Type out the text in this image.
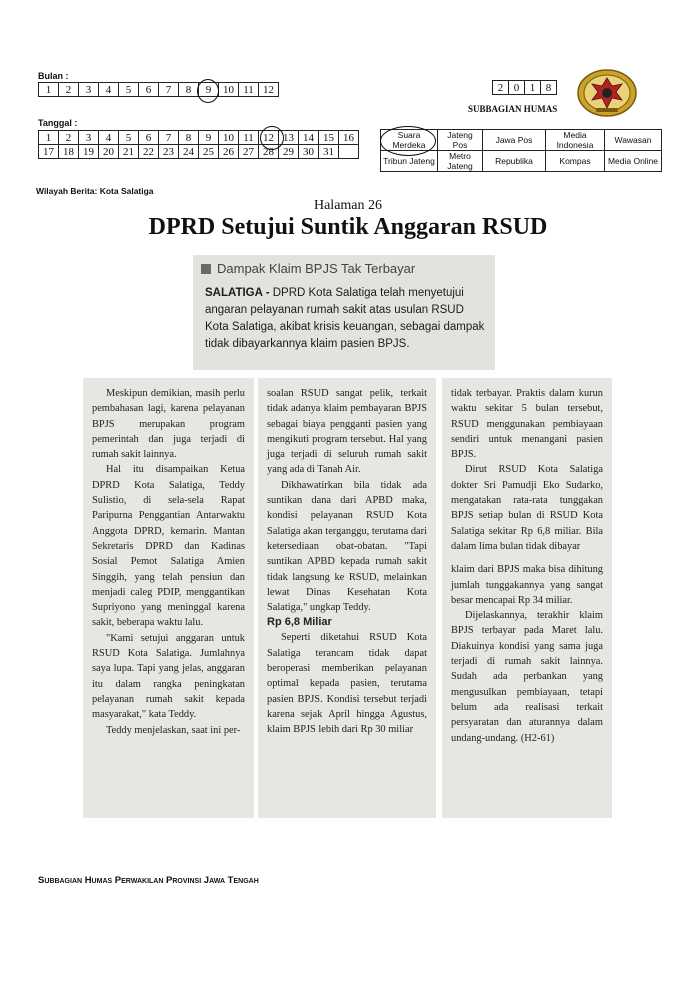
Bulan :
1	2	3	4	5	6	7	8	9	10	11	12
Tanggal :
1	2	3	4	5	6	7	8	9	10	11	12	13	14	15	16
17	18	19	20	21	22	23	24	25	26	27	28	29	30	31	
Wilayah Berita: Kota Salatiga
2	0	1	8
SUBBAGIAN HUMAS
Suara Merdeka	Jateng Pos	Jawa Pos	Media Indonesia	Wawasan
Tribun Jateng	Metro Jateng	Republika	Kompas	Media Online
Halaman 26
DPRD Setujui Suntik Anggaran RSUD
Dampak Klaim BPJS Tak Terbayar
SALATIGA - DPRD Kota Salatiga telah menyetujui angaran pelayanan rumah sakit atas usulan RSUD Kota Salatiga, akibat krisis keuangan, sebagai dampak tidak dibayarkannya klaim pasien BPJS.

Meskipun demikian, masih perlu pembahasan lagi, karena pelayanan BPJS merupakan program pemerintah dan juga terjadi di rumah sakit lainnya.

Hal itu disampaikan Ketua DPRD Kota Salatiga, Teddy Sulistio, di sela-sela Rapat Paripurna Penggantian Antarwaktu Anggota DPRD, kemarin. Mantan Sekretaris DPRD dan Kadinas Sosial Pemot Salatiga Amien Singgih, yang telah pensiun dan menjadi caleg PDIP, menggantikan Supriyono yang meninggal karena sakit, beberapa waktu lalu.

"Kami setujui anggaran untuk RSUD Kota Salatiga. Jumlahnya saya lupa. Tapi yang jelas, anggaran itu dalam rangka peningkatan pelayanan rumah sakit kepada masyarakat," kata Teddy.

Teddy menjelaskan, saat ini per-

soalan RSUD sangat pelik, terkait tidak adanya klaim pembayaran BPJS sebagai biaya pengganti pasien yang mengikuti program tersebut. Hal yang juga terjadi di seluruh rumah sakit yang ada di Tanah Air.

Dikhawatirkan bila tidak ada suntikan dana dari APBD maka, kondisi pelayanan RSUD Kota Salatiga akan terganggu, terutama dari ketersediaan obat-obatan. "Tapi suntikan APBD kepada rumah sakit tidak langsung ke RSUD, melainkan lewat Dinas Kesehatan Kota Salatiga," ungkap Teddy.

Rp 6,8 Miliar

Seperti diketahui RSUD Kota Salatiga terancam tidak dapat beroperasi memberikan pelayanan optimal kepada pasien, terutama pasien BPJS. Kondisi tersebut terjadi karena sejak April hingga Agustus, klaim BPJS lebih dari Rp 30 miliar

tidak terbayar. Praktis dalam kurun waktu sekitar 5 bulan tersebut, RSUD menggunakan pembiayaan sendiri untuk menangani pasien BPJS.

Dirut RSUD Kota Salatiga dokter Sri Pamudji Eko Sudarko, mengatakan rata-rata tunggakan BPJS setiap bulan di RSUD Kota Salatiga sekitar Rp 6,8 miliar. Bila dalam lima bulan tidak dibayar

klaim dari BPJS maka bisa dihitung jumlah tunggakannya yang sangat besar mencapai Rp 34 miliar.

Dijelaskannya, terakhir klaim BPJS terbayar pada Maret lalu. Diakuinya kondisi yang sama juga terjadi di rumah sakit lainnya. Sudah ada perbankan yang mengusulkan pembiayaan, tetapi belum ada realisasi terkait persyaratan dan aturannya dalam undang-undang. (H2-61)

Subbagian Humas Perwakilan Provinsi Jawa Tengah
